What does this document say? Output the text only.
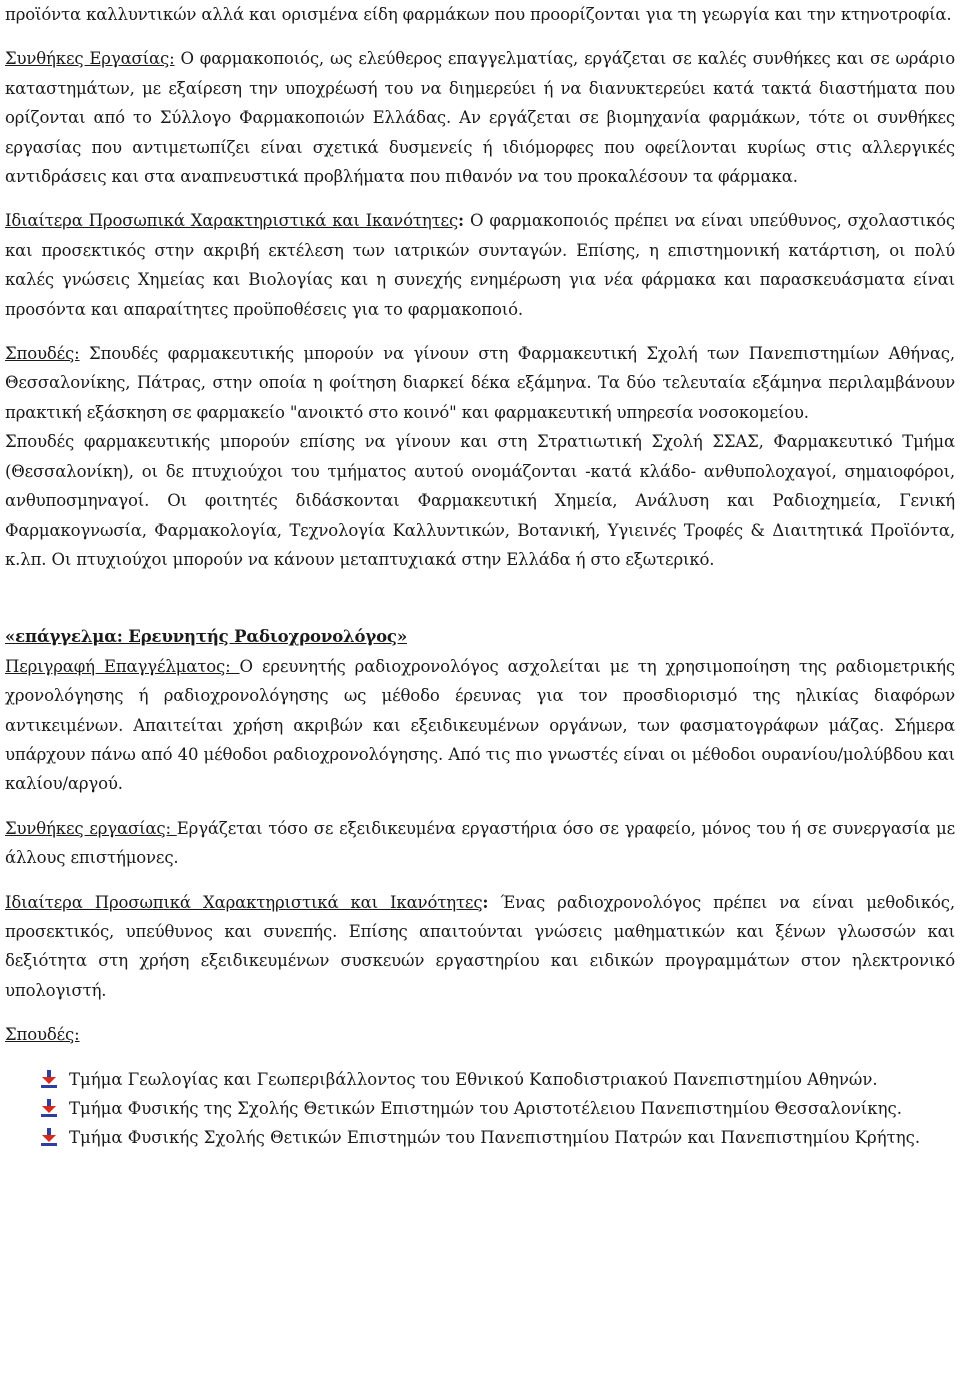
προϊόντα καλλυντικών αλλά και ορισμένα είδη φαρμάκων που προορίζονται για τη γεωργία και την κτηνοτροφία.

Συνθήκες Εργασίας: Ο φαρμακοποιός, ως ελεύθερος επαγγελματίας, εργάζεται σε καλές συνθήκες και σε ωράριο καταστημάτων, με εξαίρεση την υποχρέωσή του να διημερεύει ή να διανυκτερεύει κατά τακτά διαστήματα που ορίζονται από το Σύλλογο Φαρμακοποιών Ελλάδας. Αν εργάζεται σε βιομηχανία φαρμάκων, τότε οι συνθήκες εργασίας που αντιμετωπίζει είναι σχετικά δυσμενείς ή ιδιόμορφες που οφείλονται κυρίως στις αλλεργικές αντιδράσεις και στα αναπνευστικά προβλήματα που πιθανόν να του προκαλέσουν τα φάρμακα.

Ιδιαίτερα Προσωπικά Χαρακτηριστικά και Ικανότητες: Ο φαρμακοποιός πρέπει να είναι υπεύθυνος, σχολαστικός και προσεκτικός στην ακριβή εκτέλεση των ιατρικών συνταγών. Επίσης, η επιστημονική κατάρτιση, οι πολύ καλές γνώσεις Χημείας και Βιολογίας και η συνεχής ενημέρωση για νέα φάρμακα και παρασκευάσματα είναι προσόντα και απαραίτητες προϋποθέσεις για το φαρμακοποιό.

Σπουδές: Σπουδές φαρμακευτικής μπορούν να γίνουν στη Φαρμακευτική Σχολή των Πανεπιστημίων Αθήνας, Θεσσαλονίκης, Πάτρας, στην οποία η φοίτηση διαρκεί δέκα εξάμηνα. Τα δύο τελευταία εξάμηνα περιλαμβάνουν πρακτική εξάσκηση σε φαρμακείο "ανοικτό στο κοινό" και φαρμακευτική υπηρεσία νοσοκομείου.

Σπουδές φαρμακευτικής μπορούν επίσης να γίνουν και στη Στρατιωτική Σχολή ΣΣΑΣ, Φαρμακευτικό Τμήμα (Θεσσαλονίκη), οι δε πτυχιούχοι του τμήματος αυτού ονομάζονται -κατά κλάδο- ανθυπολοχαγοί, σημαιοφόροι, ανθυποσμηναγοί. Οι φοιτητές διδάσκονται Φαρμακευτική Χημεία, Ανάλυση και Ραδιοχημεία, Γενική Φαρμακογνωσία, Φαρμακολογία, Τεχνολογία Καλλυντικών, Βοτανική, Υγιεινές Τροφές & Διαιτητικά Προϊόντα, κ.λπ. Οι πτυχιούχοι μπορούν να κάνουν μεταπτυχιακά στην Ελλάδα ή στο εξωτερικό.

«επάγγελμα: Ερευνητής Ραδιοχρονολόγος»

Περιγραφή Επαγγέλματος: Ο ερευνητής ραδιοχρονολόγος ασχολείται με τη χρησιμοποίηση της ραδιομετρικής χρονολόγησης ή ραδιοχρονολόγησης ως μέθοδο έρευνας για τον προσδιορισμό της ηλικίας διαφόρων αντικειμένων. Απαιτείται χρήση ακριβών και εξειδικευμένων οργάνων, των φασματογράφων μάζας. Σήμερα υπάρχουν πάνω από 40 μέθοδοι ραδιοχρονολόγησης. Από τις πιο γνωστές είναι οι μέθοδοι ουρανίου/μολύβδου και καλίου/αργού.

Συνθήκες εργασίας: Εργάζεται τόσο σε εξειδικευμένα εργαστήρια όσο σε γραφείο, μόνος του ή σε συνεργασία με άλλους επιστήμονες.

Ιδιαίτερα Προσωπικά Χαρακτηριστικά και Ικανότητες: Ένας ραδιοχρονολόγος πρέπει να είναι μεθοδικός, προσεκτικός, υπεύθυνος και συνεπής. Επίσης απαιτούνται γνώσεις μαθηματικών και ξένων γλωσσών και δεξιότητα στη χρήση εξειδικευμένων συσκευών εργαστηρίου και ειδικών προγραμμάτων στον ηλεκτρονικό υπολογιστή.

Σπουδές:

Τμήμα Γεωλογίας και Γεωπεριβάλλοντος του Εθνικού Καποδιστριακού Πανεπιστημίου Αθηνών.
Τμήμα Φυσικής της Σχολής Θετικών Επιστημών του Αριστοτέλειου Πανεπιστημίου Θεσσαλονίκης.
Τμήμα Φυσικής Σχολής Θετικών Επιστημών του Πανεπιστημίου Πατρών και Πανεπιστημίου Κρήτης.
